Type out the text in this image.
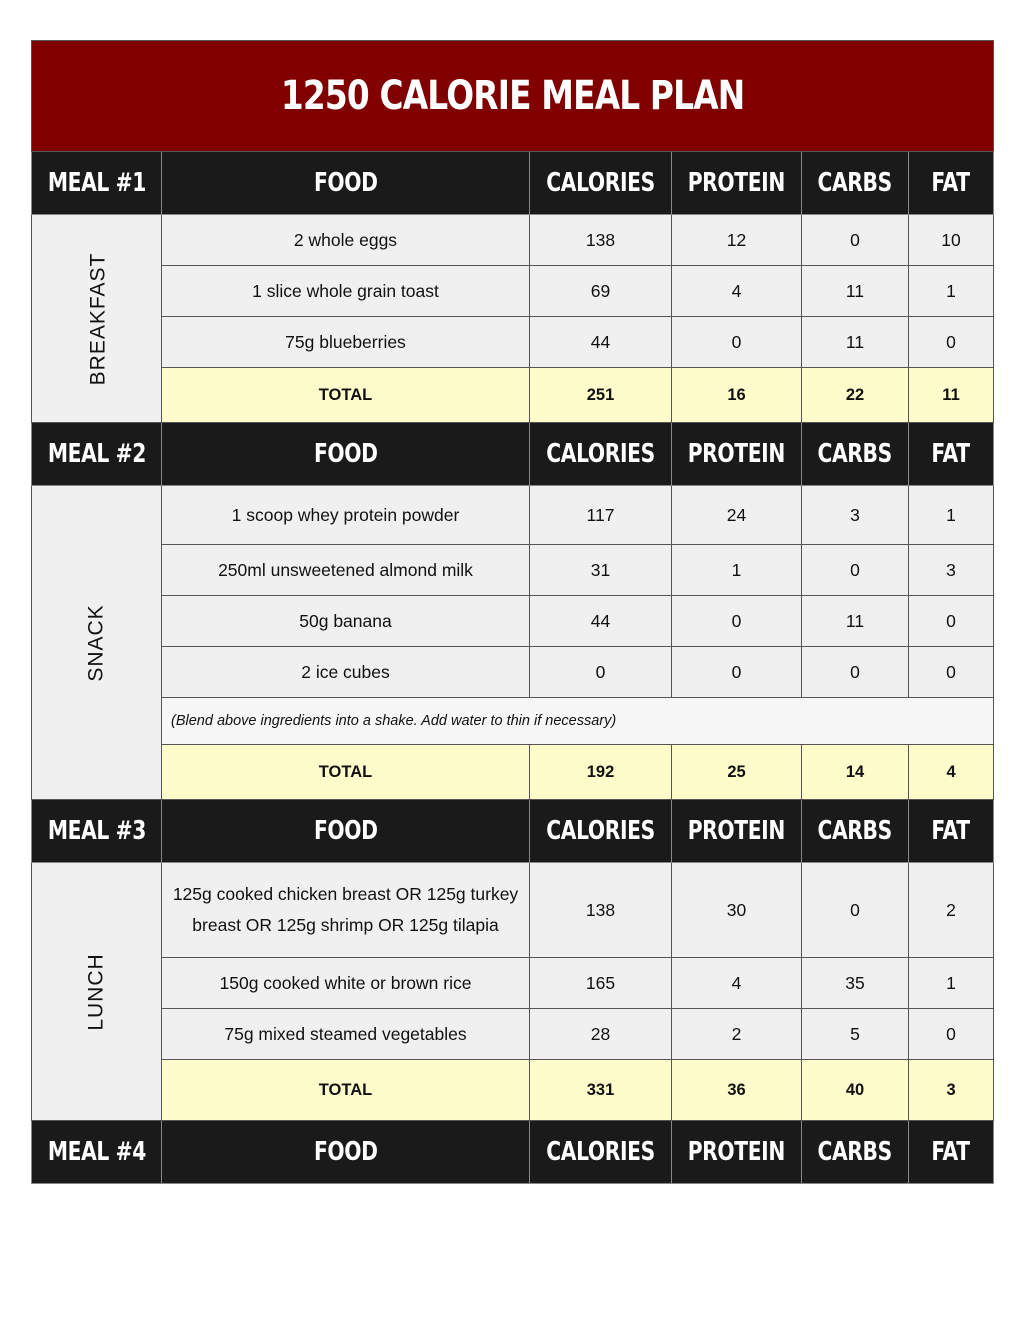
1250 CALORIE MEAL PLAN					
MEAL #1	FOOD	CALORIES	PROTEIN	CARBS	FAT
BREAKFAST	2 whole eggs	138	12	0	10
	1 slice whole grain toast	69	4	11	1
	75g blueberries	44	0	11	0
	TOTAL	251	16	22	11
MEAL #2	FOOD	CALORIES	PROTEIN	CARBS	FAT
SNACK	1 scoop whey protein powder	117	24	3	1
	250ml unsweetened almond milk	31	1	0	3
	50g banana	44	0	11	0
	2 ice cubes	0	0	0	0
	(Blend above ingredients into a shake. Add water to thin if necessary)				
	TOTAL	192	25	14	4
MEAL #3	FOOD	CALORIES	PROTEIN	CARBS	FAT
LUNCH	125g cooked chicken breast OR 125g turkey breast OR 125g shrimp OR 125g tilapia	138	30	0	2
	150g cooked white or brown rice	165	4	35	1
	75g mixed steamed vegetables	28	2	5	0
	TOTAL	331	36	40	3
MEAL #4	FOOD	CALORIES	PROTEIN	CARBS	FAT
